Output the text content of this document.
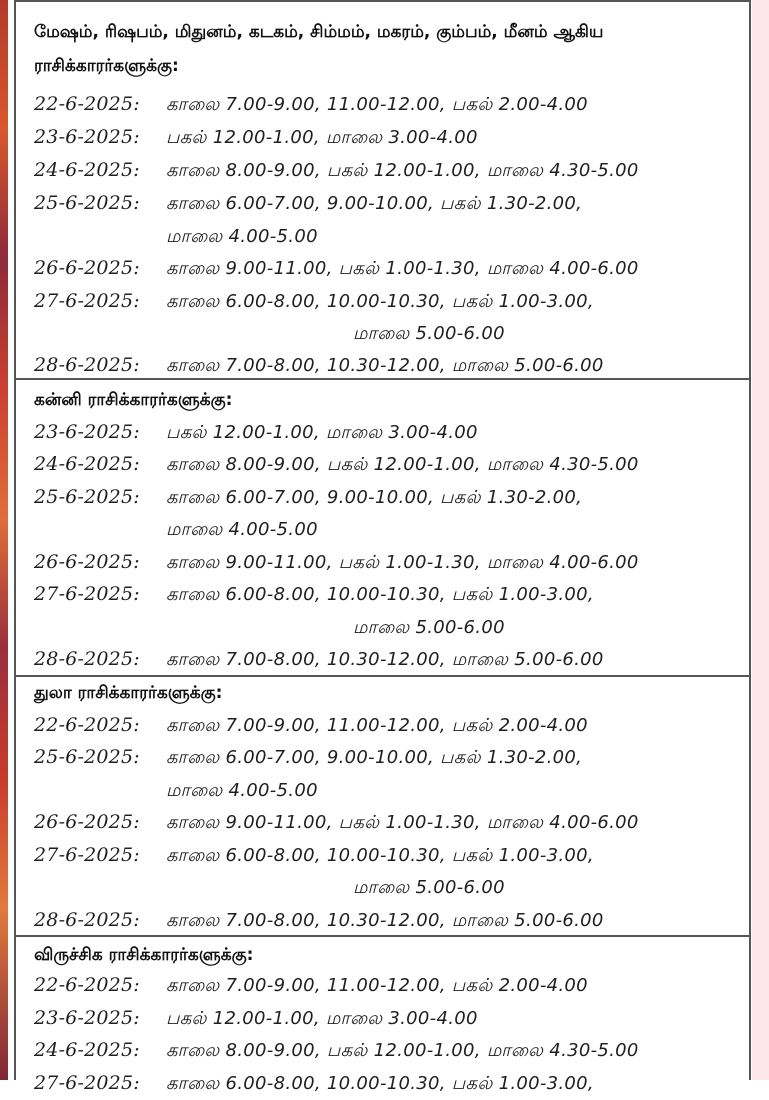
மேஷம், ரிஷபம், மிதுனம், கடகம், சிம்மம், மகரம், கும்பம், மீனம் ஆகிய
ராசிக்காரர்களுக்கு:
22-6-2025: காலை 7.00-9.00, 11.00-12.00, பகல் 2.00-4.00
23-6-2025: பகல் 12.00-1.00, மாலை 3.00-4.00
24-6-2025: காலை 8.00-9.00, பகல் 12.00-1.00, மாலை 4.30-5.00
25-6-2025: காலை 6.00-7.00, 9.00-10.00, பகல் 1.30-2.00,
மாலை 4.00-5.00
26-6-2025: காலை 9.00-11.00, பகல் 1.00-1.30, மாலை 4.00-6.00
27-6-2025: காலை 6.00-8.00, 10.00-10.30, பகல் 1.00-3.00,
மாலை 5.00-6.00
28-6-2025: காலை 7.00-8.00, 10.30-12.00, மாலை 5.00-6.00
கன்னி ராசிக்காரர்களுக்கு:
23-6-2025: பகல் 12.00-1.00, மாலை 3.00-4.00
24-6-2025: காலை 8.00-9.00, பகல் 12.00-1.00, மாலை 4.30-5.00
25-6-2025: காலை 6.00-7.00, 9.00-10.00, பகல் 1.30-2.00,
மாலை 4.00-5.00
26-6-2025: காலை 9.00-11.00, பகல் 1.00-1.30, மாலை 4.00-6.00
27-6-2025: காலை 6.00-8.00, 10.00-10.30, பகல் 1.00-3.00,
மாலை 5.00-6.00
28-6-2025: காலை 7.00-8.00, 10.30-12.00, மாலை 5.00-6.00
துலா ராசிக்காரர்களுக்கு:
22-6-2025: காலை 7.00-9.00, 11.00-12.00, பகல் 2.00-4.00
25-6-2025: காலை 6.00-7.00, 9.00-10.00, பகல் 1.30-2.00,
மாலை 4.00-5.00
26-6-2025: காலை 9.00-11.00, பகல் 1.00-1.30, மாலை 4.00-6.00
27-6-2025: காலை 6.00-8.00, 10.00-10.30, பகல் 1.00-3.00,
மாலை 5.00-6.00
28-6-2025: காலை 7.00-8.00, 10.30-12.00, மாலை 5.00-6.00
விருச்சிக ராசிக்காரர்களுக்கு:
22-6-2025: காலை 7.00-9.00, 11.00-12.00, பகல் 2.00-4.00
23-6-2025: பகல் 12.00-1.00, மாலை 3.00-4.00
24-6-2025: காலை 8.00-9.00, பகல் 12.00-1.00, மாலை 4.30-5.00
27-6-2025: காலை 6.00-8.00, 10.00-10.30, பகல் 1.00-3.00,
